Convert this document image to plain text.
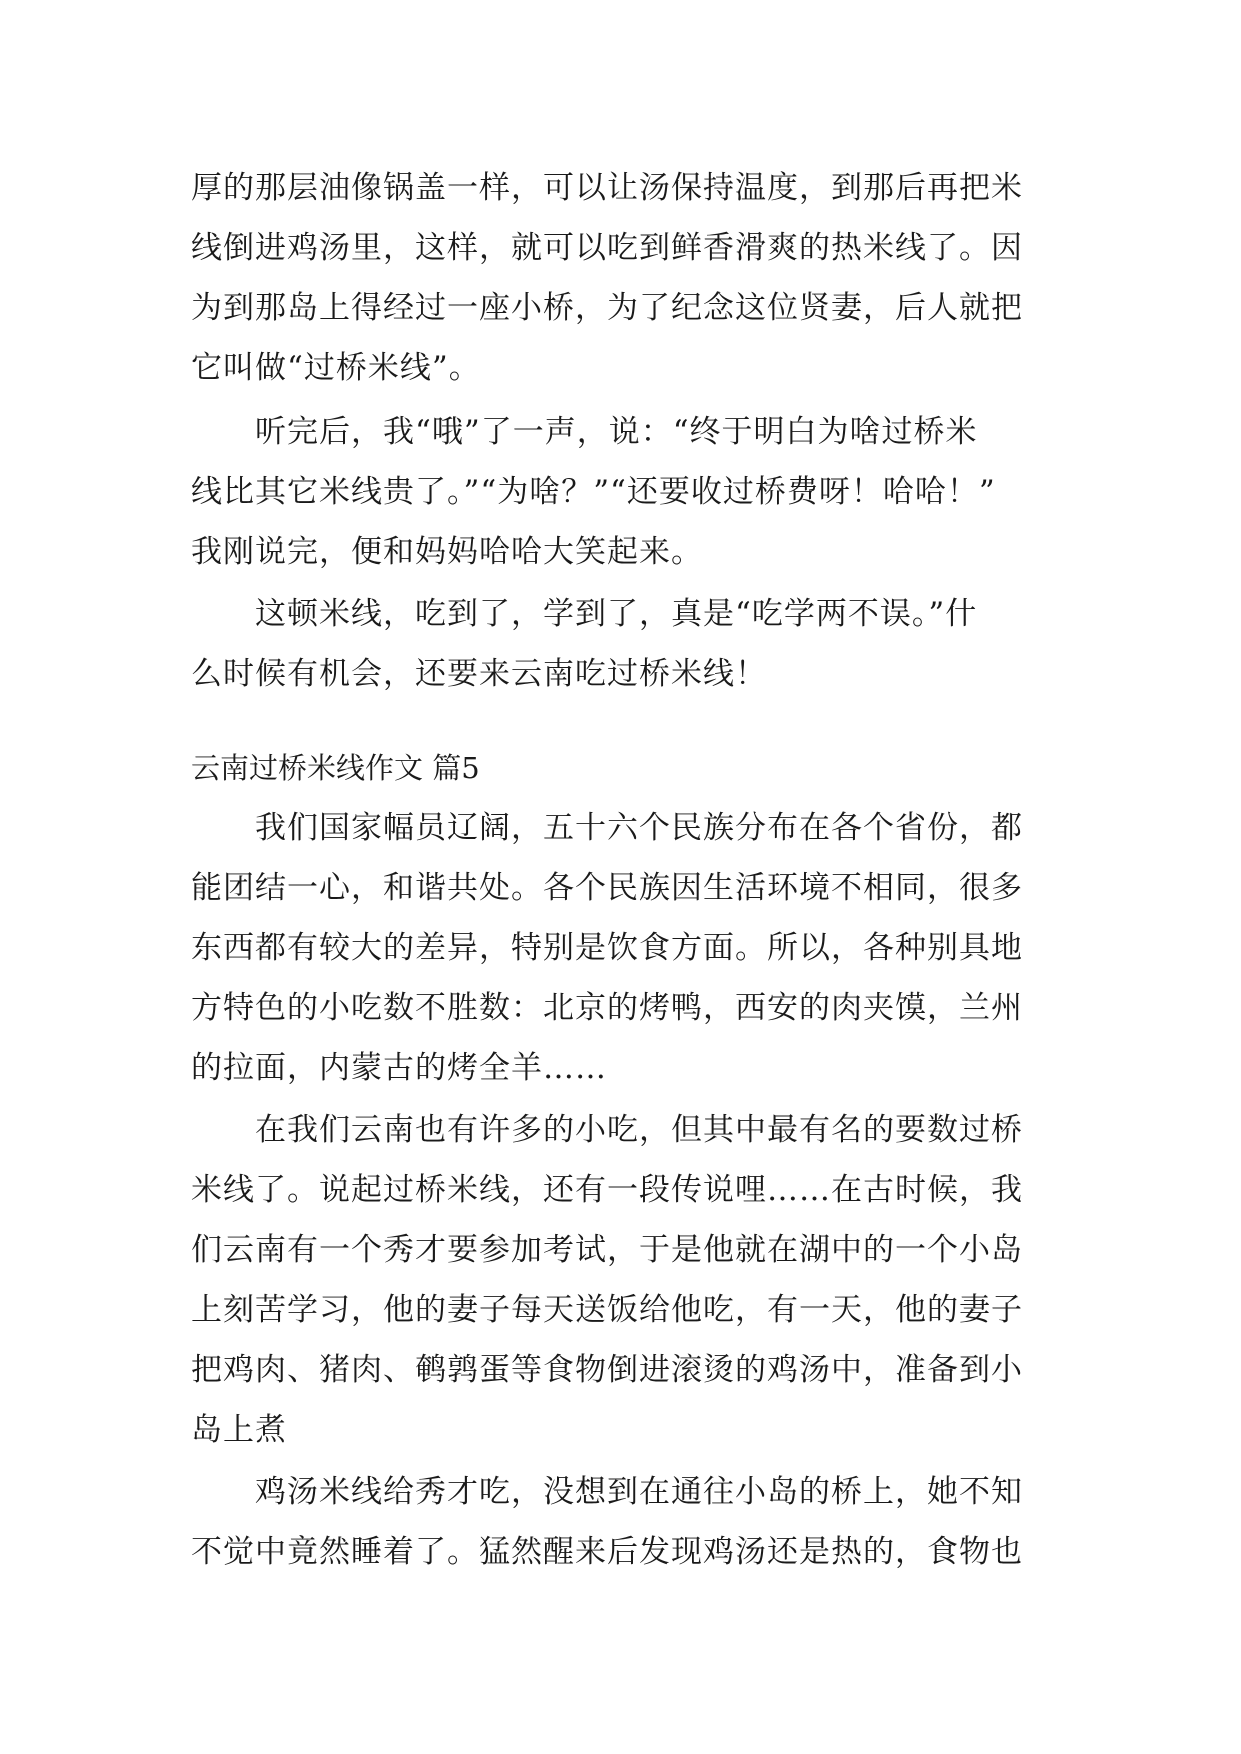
厚的那层油像锅盖一样，可以让汤保持温度，到那后再把米
线倒进鸡汤里，这样，就可以吃到鲜香滑爽的热米线了。因
为到那岛上得经过一座小桥，为了纪念这位贤妻，后人就把
它叫做“过桥米线”。
　　听完后，我“哦”了一声，说：“终于明白为啥过桥米
线比其它米线贵了。”“为啥？”“还要收过桥费呀！哈哈！”
我刚说完，便和妈妈哈哈大笑起来。
　　这顿米线，吃到了，学到了，真是“吃学两不误。”什
么时候有机会，还要来云南吃过桥米线！
云南过桥米线作文 篇5
　　我们国家幅员辽阔，五十六个民族分布在各个省份，都
能团结一心，和谐共处。各个民族因生活环境不相同，很多
东西都有较大的差异，特别是饮食方面。所以，各种别具地
方特色的小吃数不胜数：北京的烤鸭，西安的肉夹馍，兰州
的拉面，内蒙古的烤全羊……
　　在我们云南也有许多的小吃，但其中最有名的要数过桥
米线了。说起过桥米线，还有一段传说哩……在古时候，我
们云南有一个秀才要参加考试，于是他就在湖中的一个小岛
上刻苦学习，他的妻子每天送饭给他吃，有一天，他的妻子
把鸡肉、猪肉、鹌鹑蛋等食物倒进滚烫的鸡汤中，准备到小
岛上煮
　　鸡汤米线给秀才吃，没想到在通往小岛的桥上，她不知
不觉中竟然睡着了。猛然醒来后发现鸡汤还是热的，食物也
